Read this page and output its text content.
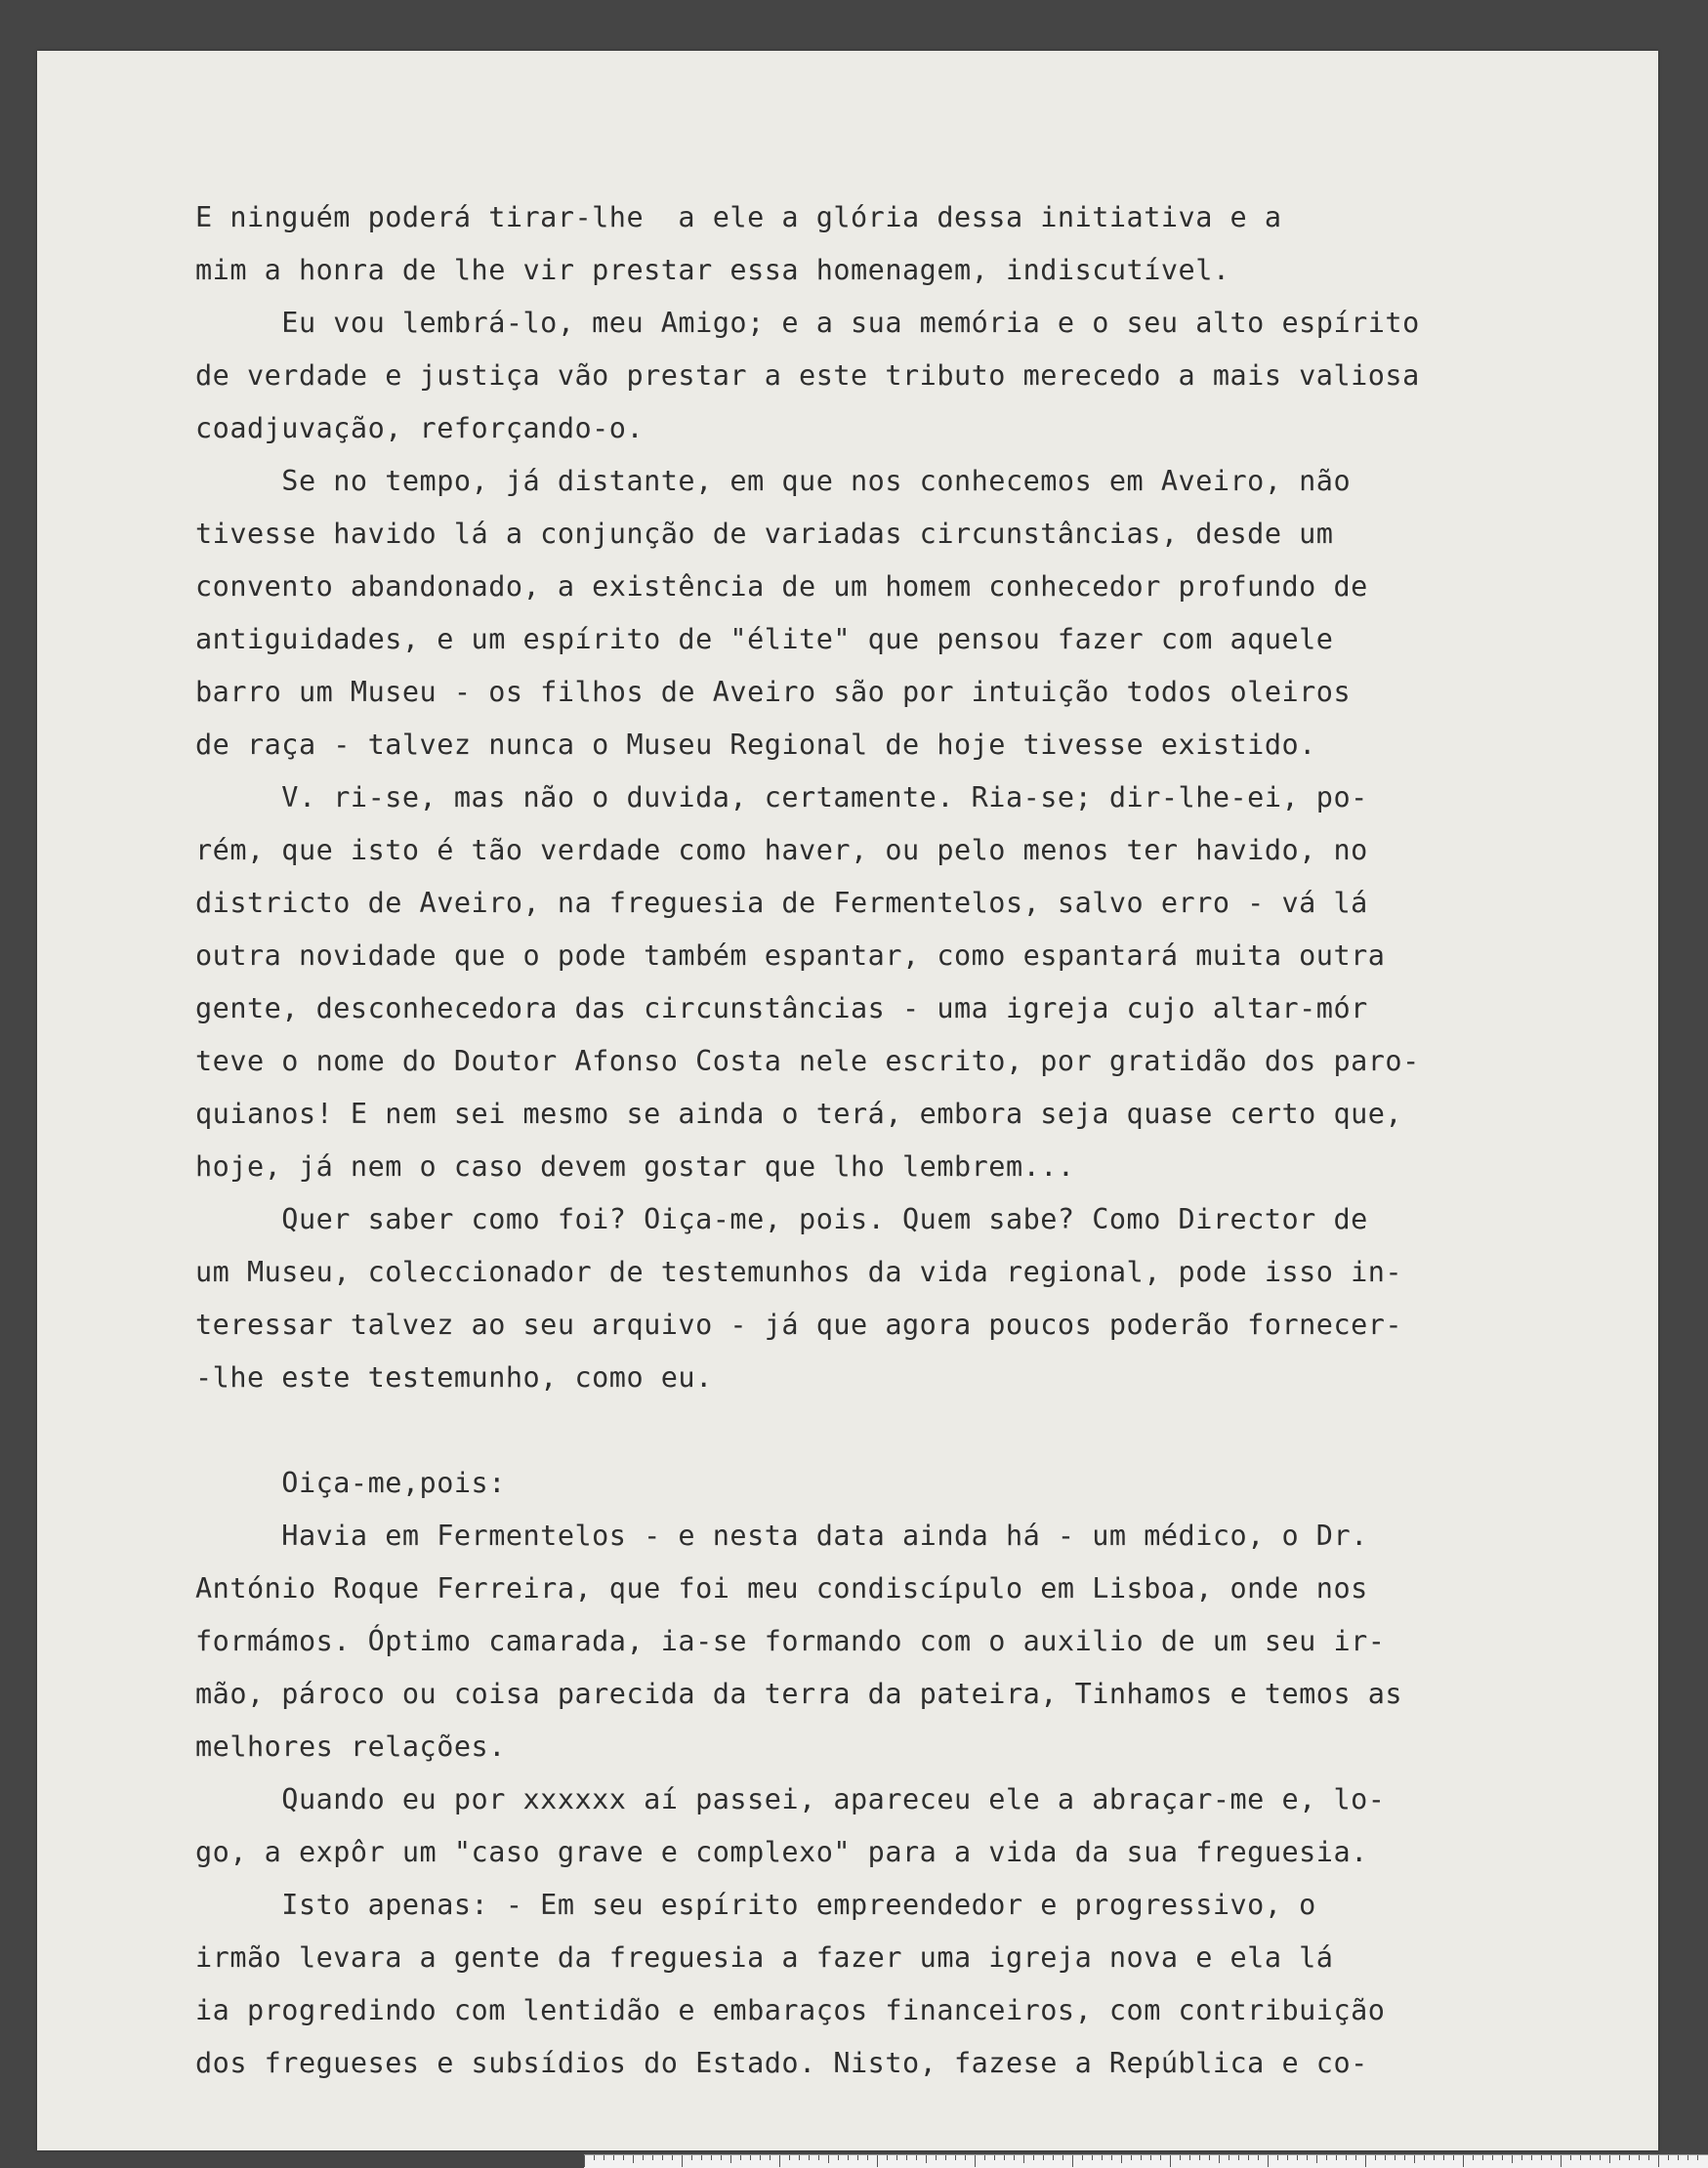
E ninguém poderá tirar-lhe  a ele a glória dessa initiativa e a
mim a honra de lhe vir prestar essa homenagem, indiscutível.
Eu vou lembrá-lo, meu Amigo; e a sua memória e o seu alto espírito
de verdade e justiça vão prestar a este tributo merecedo a mais valiosa
coadjuvação, reforçando-o.
Se no tempo, já distante, em que nos conhecemos em Aveiro, não
tivesse havido lá a conjunção de variadas circunstâncias, desde um
convento abandonado, a existência de um homem conhecedor profundo de
antiguidades, e um espírito de "élite" que pensou fazer com aquele
barro um Museu - os filhos de Aveiro são por intuição todos oleiros
de raça - talvez nunca o Museu Regional de hoje tivesse existido.
V. ri-se, mas não o duvida, certamente. Ria-se; dir-lhe-ei, po-
rém, que isto é tão verdade como haver, ou pelo menos ter havido, no
districto de Aveiro, na freguesia de Fermentelos, salvo erro - vá lá
outra novidade que o pode também espantar, como espantará muita outra
gente, desconhecedora das circunstâncias - uma igreja cujo altar-mór
teve o nome do Doutor Afonso Costa nele escrito, por gratidão dos paro-
quianos! E nem sei mesmo se ainda o terá, embora seja quase certo que,
hoje, já nem o caso devem gostar que lho lembrem...
Quer saber como foi? Oiça-me, pois. Quem sabe? Como Director de
um Museu, coleccionador de testemunhos da vida regional, pode isso in-
teressar talvez ao seu arquivo - já que agora poucos poderão fornecer-
-lhe este testemunho, como eu.
Oiça-me,pois:
Havia em Fermentelos - e nesta data ainda há - um médico, o Dr.
António Roque Ferreira, que foi meu condiscípulo em Lisboa, onde nos
formámos. Óptimo camarada, ia-se formando com o auxilio de um seu ir-
mão, pároco ou coisa parecida da terra da pateira, Tinhamos e temos as
melhores relações.
Quando eu por xxxxxx aí passei, apareceu ele a abraçar-me e, lo-
go, a expôr um "caso grave e complexo" para a vida da sua freguesia.
Isto apenas: - Em seu espírito empreendedor e progressivo, o
irmão levara a gente da freguesia a fazer uma igreja nova e ela lá
ia progredindo com lentidão e embaraços financeiros, com contribuição
dos fregueses e subsídios do Estado. Nisto, fazese a República e co-
